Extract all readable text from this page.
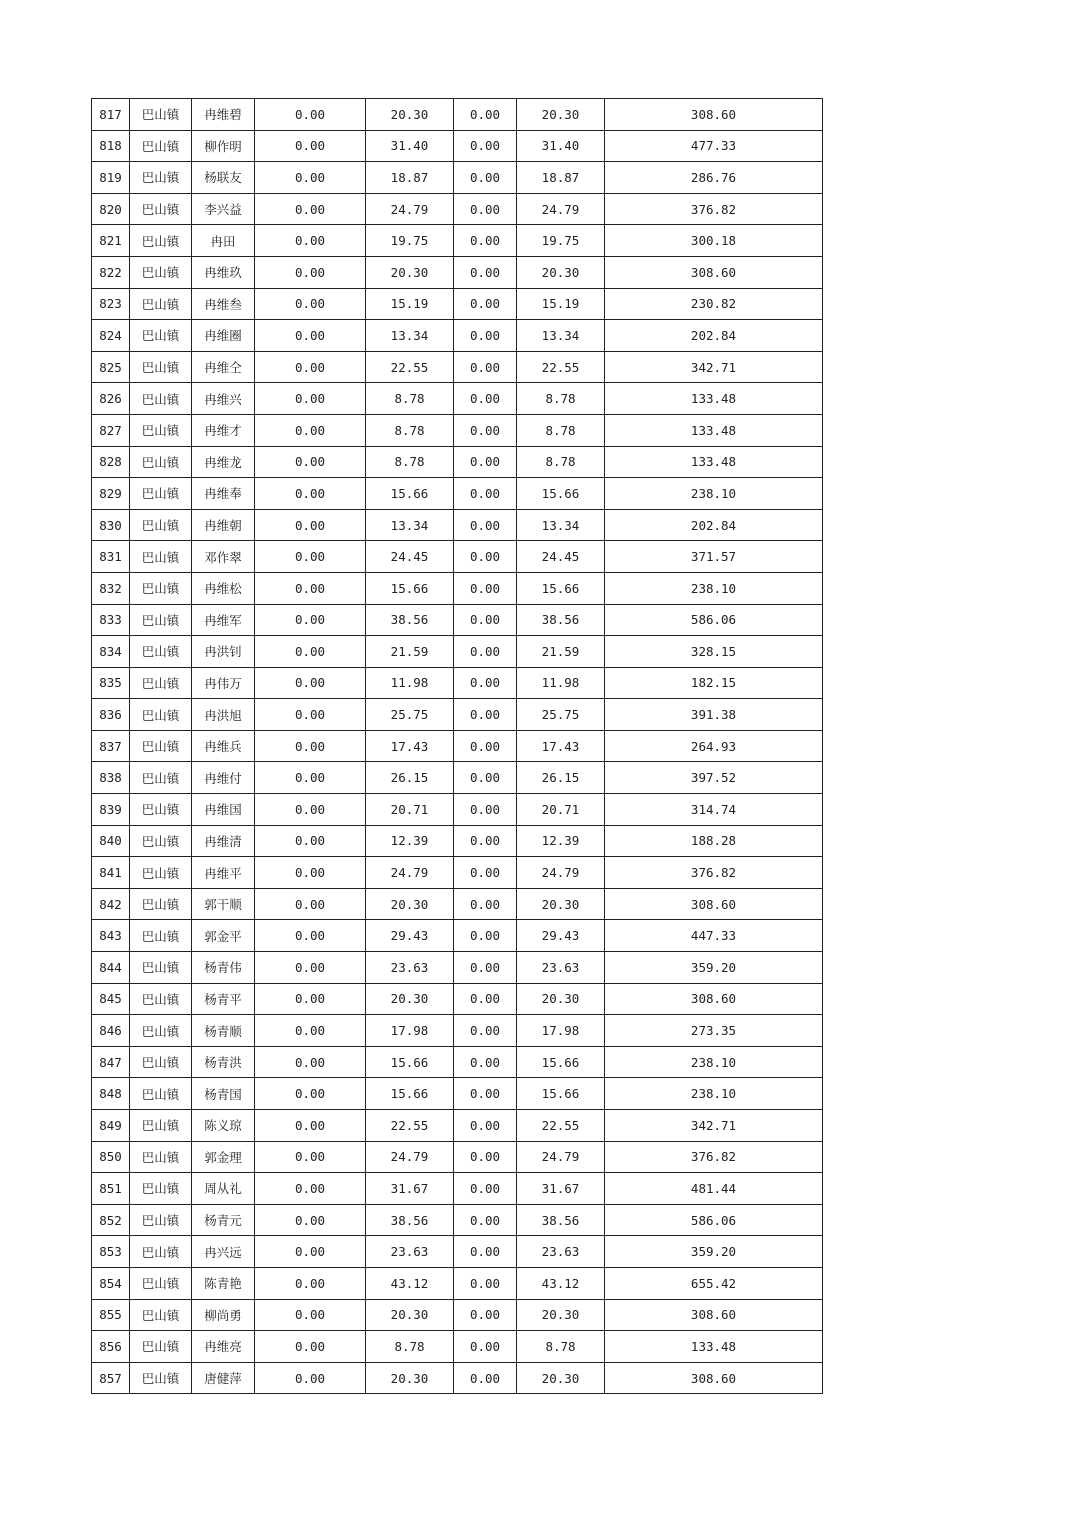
817	巴山镇	冉维碧	0.00	20.30	0.00	20.30	308.60
818	巴山镇	柳作明	0.00	31.40	0.00	31.40	477.33
819	巴山镇	杨联友	0.00	18.87	0.00	18.87	286.76
820	巴山镇	李兴益	0.00	24.79	0.00	24.79	376.82
821	巴山镇	冉田	0.00	19.75	0.00	19.75	300.18
822	巴山镇	冉维玖	0.00	20.30	0.00	20.30	308.60
823	巴山镇	冉维叁	0.00	15.19	0.00	15.19	230.82
824	巴山镇	冉维圈	0.00	13.34	0.00	13.34	202.84
825	巴山镇	冉维仝	0.00	22.55	0.00	22.55	342.71
826	巴山镇	冉维兴	0.00	8.78	0.00	8.78	133.48
827	巴山镇	冉维才	0.00	8.78	0.00	8.78	133.48
828	巴山镇	冉维龙	0.00	8.78	0.00	8.78	133.48
829	巴山镇	冉维奉	0.00	15.66	0.00	15.66	238.10
830	巴山镇	冉维朝	0.00	13.34	0.00	13.34	202.84
831	巴山镇	邓作翠	0.00	24.45	0.00	24.45	371.57
832	巴山镇	冉维松	0.00	15.66	0.00	15.66	238.10
833	巴山镇	冉维军	0.00	38.56	0.00	38.56	586.06
834	巴山镇	冉洪钊	0.00	21.59	0.00	21.59	328.15
835	巴山镇	冉伟万	0.00	11.98	0.00	11.98	182.15
836	巴山镇	冉洪旭	0.00	25.75	0.00	25.75	391.38
837	巴山镇	冉维兵	0.00	17.43	0.00	17.43	264.93
838	巴山镇	冉维付	0.00	26.15	0.00	26.15	397.52
839	巴山镇	冉维国	0.00	20.71	0.00	20.71	314.74
840	巴山镇	冉维清	0.00	12.39	0.00	12.39	188.28
841	巴山镇	冉维平	0.00	24.79	0.00	24.79	376.82
842	巴山镇	郭干顺	0.00	20.30	0.00	20.30	308.60
843	巴山镇	郭金平	0.00	29.43	0.00	29.43	447.33
844	巴山镇	杨青伟	0.00	23.63	0.00	23.63	359.20
845	巴山镇	杨青平	0.00	20.30	0.00	20.30	308.60
846	巴山镇	杨青顺	0.00	17.98	0.00	17.98	273.35
847	巴山镇	杨青洪	0.00	15.66	0.00	15.66	238.10
848	巴山镇	杨青国	0.00	15.66	0.00	15.66	238.10
849	巴山镇	陈义琼	0.00	22.55	0.00	22.55	342.71
850	巴山镇	郭金理	0.00	24.79	0.00	24.79	376.82
851	巴山镇	周从礼	0.00	31.67	0.00	31.67	481.44
852	巴山镇	杨青元	0.00	38.56	0.00	38.56	586.06
853	巴山镇	冉兴远	0.00	23.63	0.00	23.63	359.20
854	巴山镇	陈青艳	0.00	43.12	0.00	43.12	655.42
855	巴山镇	柳尚勇	0.00	20.30	0.00	20.30	308.60
856	巴山镇	冉维亮	0.00	8.78	0.00	8.78	133.48
857	巴山镇	唐健萍	0.00	20.30	0.00	20.30	308.60
